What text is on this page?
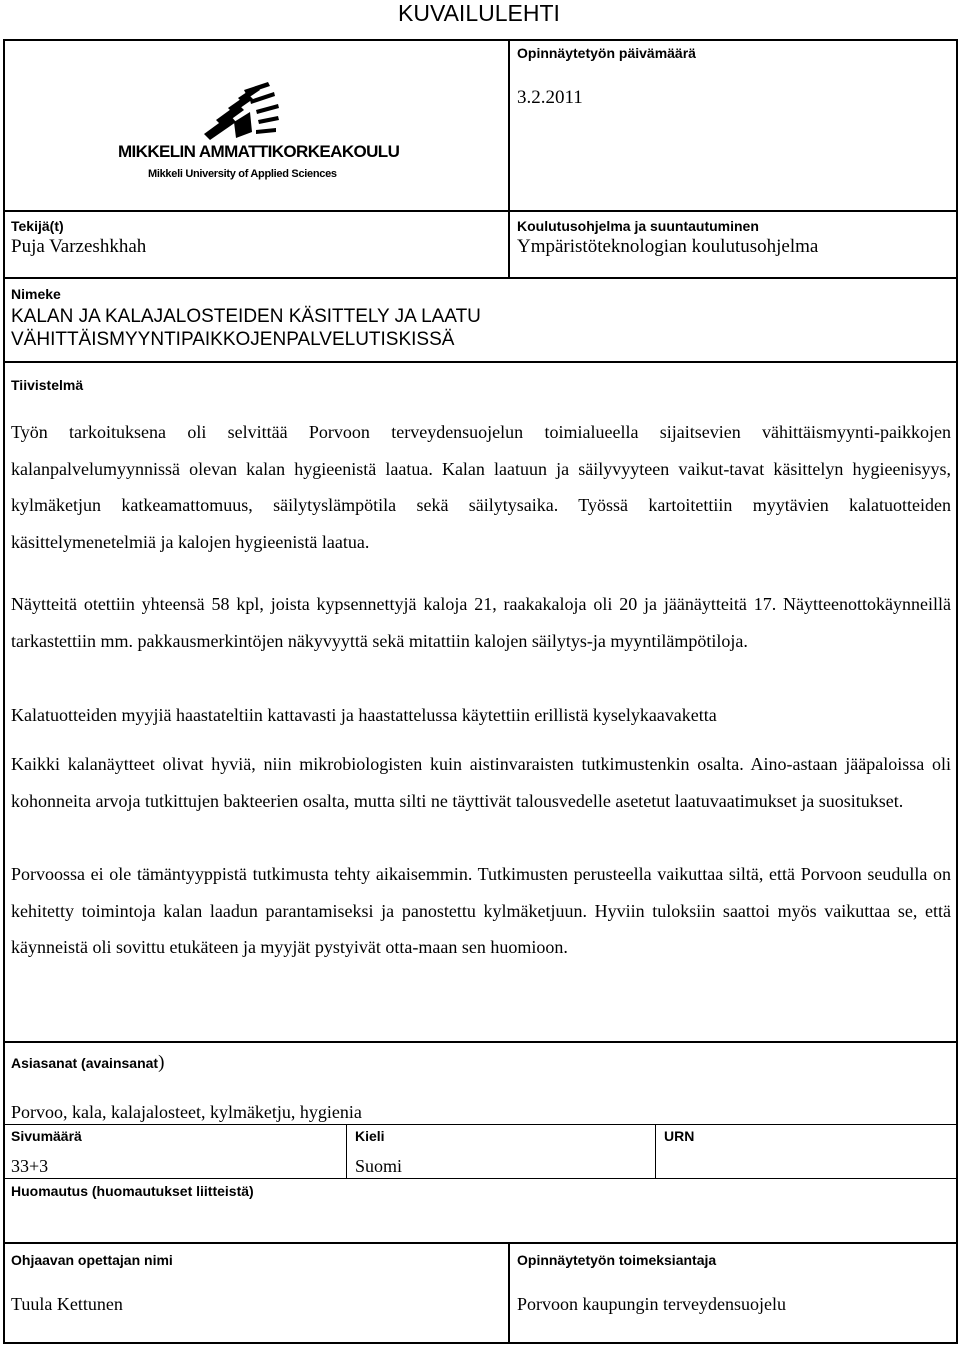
KUVAILULEHTI
MIKKELIN AMMATTIKORKEAKOULU
Mikkeli University of Applied Sciences
Opinnäytetyön päivämäärä
3.2.2011
Tekijä(t)
Puja Varzeshkhah
Koulutusohjelma ja suuntautuminen
Ympäristöteknologian koulutusohjelma
Nimeke
KALAN JA KALAJALOSTEIDEN KÄSITTELY JA LAATU
VÄHITTÄISMYYNTIPAIKKOJENPALVELUTISKISSÄ
Tiivistelmä
Työn tarkoituksena oli selvittää Porvoon terveydensuojelun toimialueella sijaitsevien vähittäismyynti-paikkojen kalanpalvelumyynnissä olevan kalan hygieenistä laatua. Kalan laatuun ja säilyvyyteen vaikut-tavat käsittelyn hygieenisyys, kylmäketjun katkeamattomuus, säilytyslämpötila sekä säilytysaika. Työssä kartoitettiin myytävien kalatuotteiden käsittelymenetelmiä ja kalojen hygieenistä laatua.
Näytteitä otettiin yhteensä 58 kpl, joista kypsennettyjä kaloja 21, raakakaloja oli 20 ja jäänäytteitä 17. Näytteenottokäynneillä tarkastettiin mm. pakkausmerkintöjen näkyvyyttä sekä mitattiin kalojen säilytys-ja myyntilämpötiloja.
Kalatuotteiden myyjiä haastateltiin kattavasti ja haastattelussa käytettiin erillistä kyselykaavaketta
Kaikki kalanäytteet olivat hyviä, niin mikrobiologisten kuin aistinvaraisten tutkimustenkin osalta. Aino-astaan jääpaloissa oli kohonneita arvoja tutkittujen bakteerien osalta, mutta silti ne täyttivät talousvedelle asetetut laatuvaatimukset ja suositukset.
Porvoossa ei ole tämäntyyppistä tutkimusta tehty aikaisemmin. Tutkimusten perusteella vaikuttaa siltä, että Porvoon seudulla on kehitetty toimintoja kalan laadun parantamiseksi ja panostettu kylmäketjuun. Hyviin tuloksiin saattoi myös vaikuttaa se, että käynneistä oli sovittu etukäteen ja myyjät pystyivät otta-maan sen huomioon.
Asiasanat (avainsanat)
Porvoo, kala, kalajalosteet, kylmäketju, hygienia
Sivumäärä
33+3
Kieli
Suomi
URN
Huomautus (huomautukset liitteistä)
Ohjaavan opettajan nimi
Tuula Kettunen
Opinnäytetyön toimeksiantaja
Porvoon kaupungin terveydensuojelu
